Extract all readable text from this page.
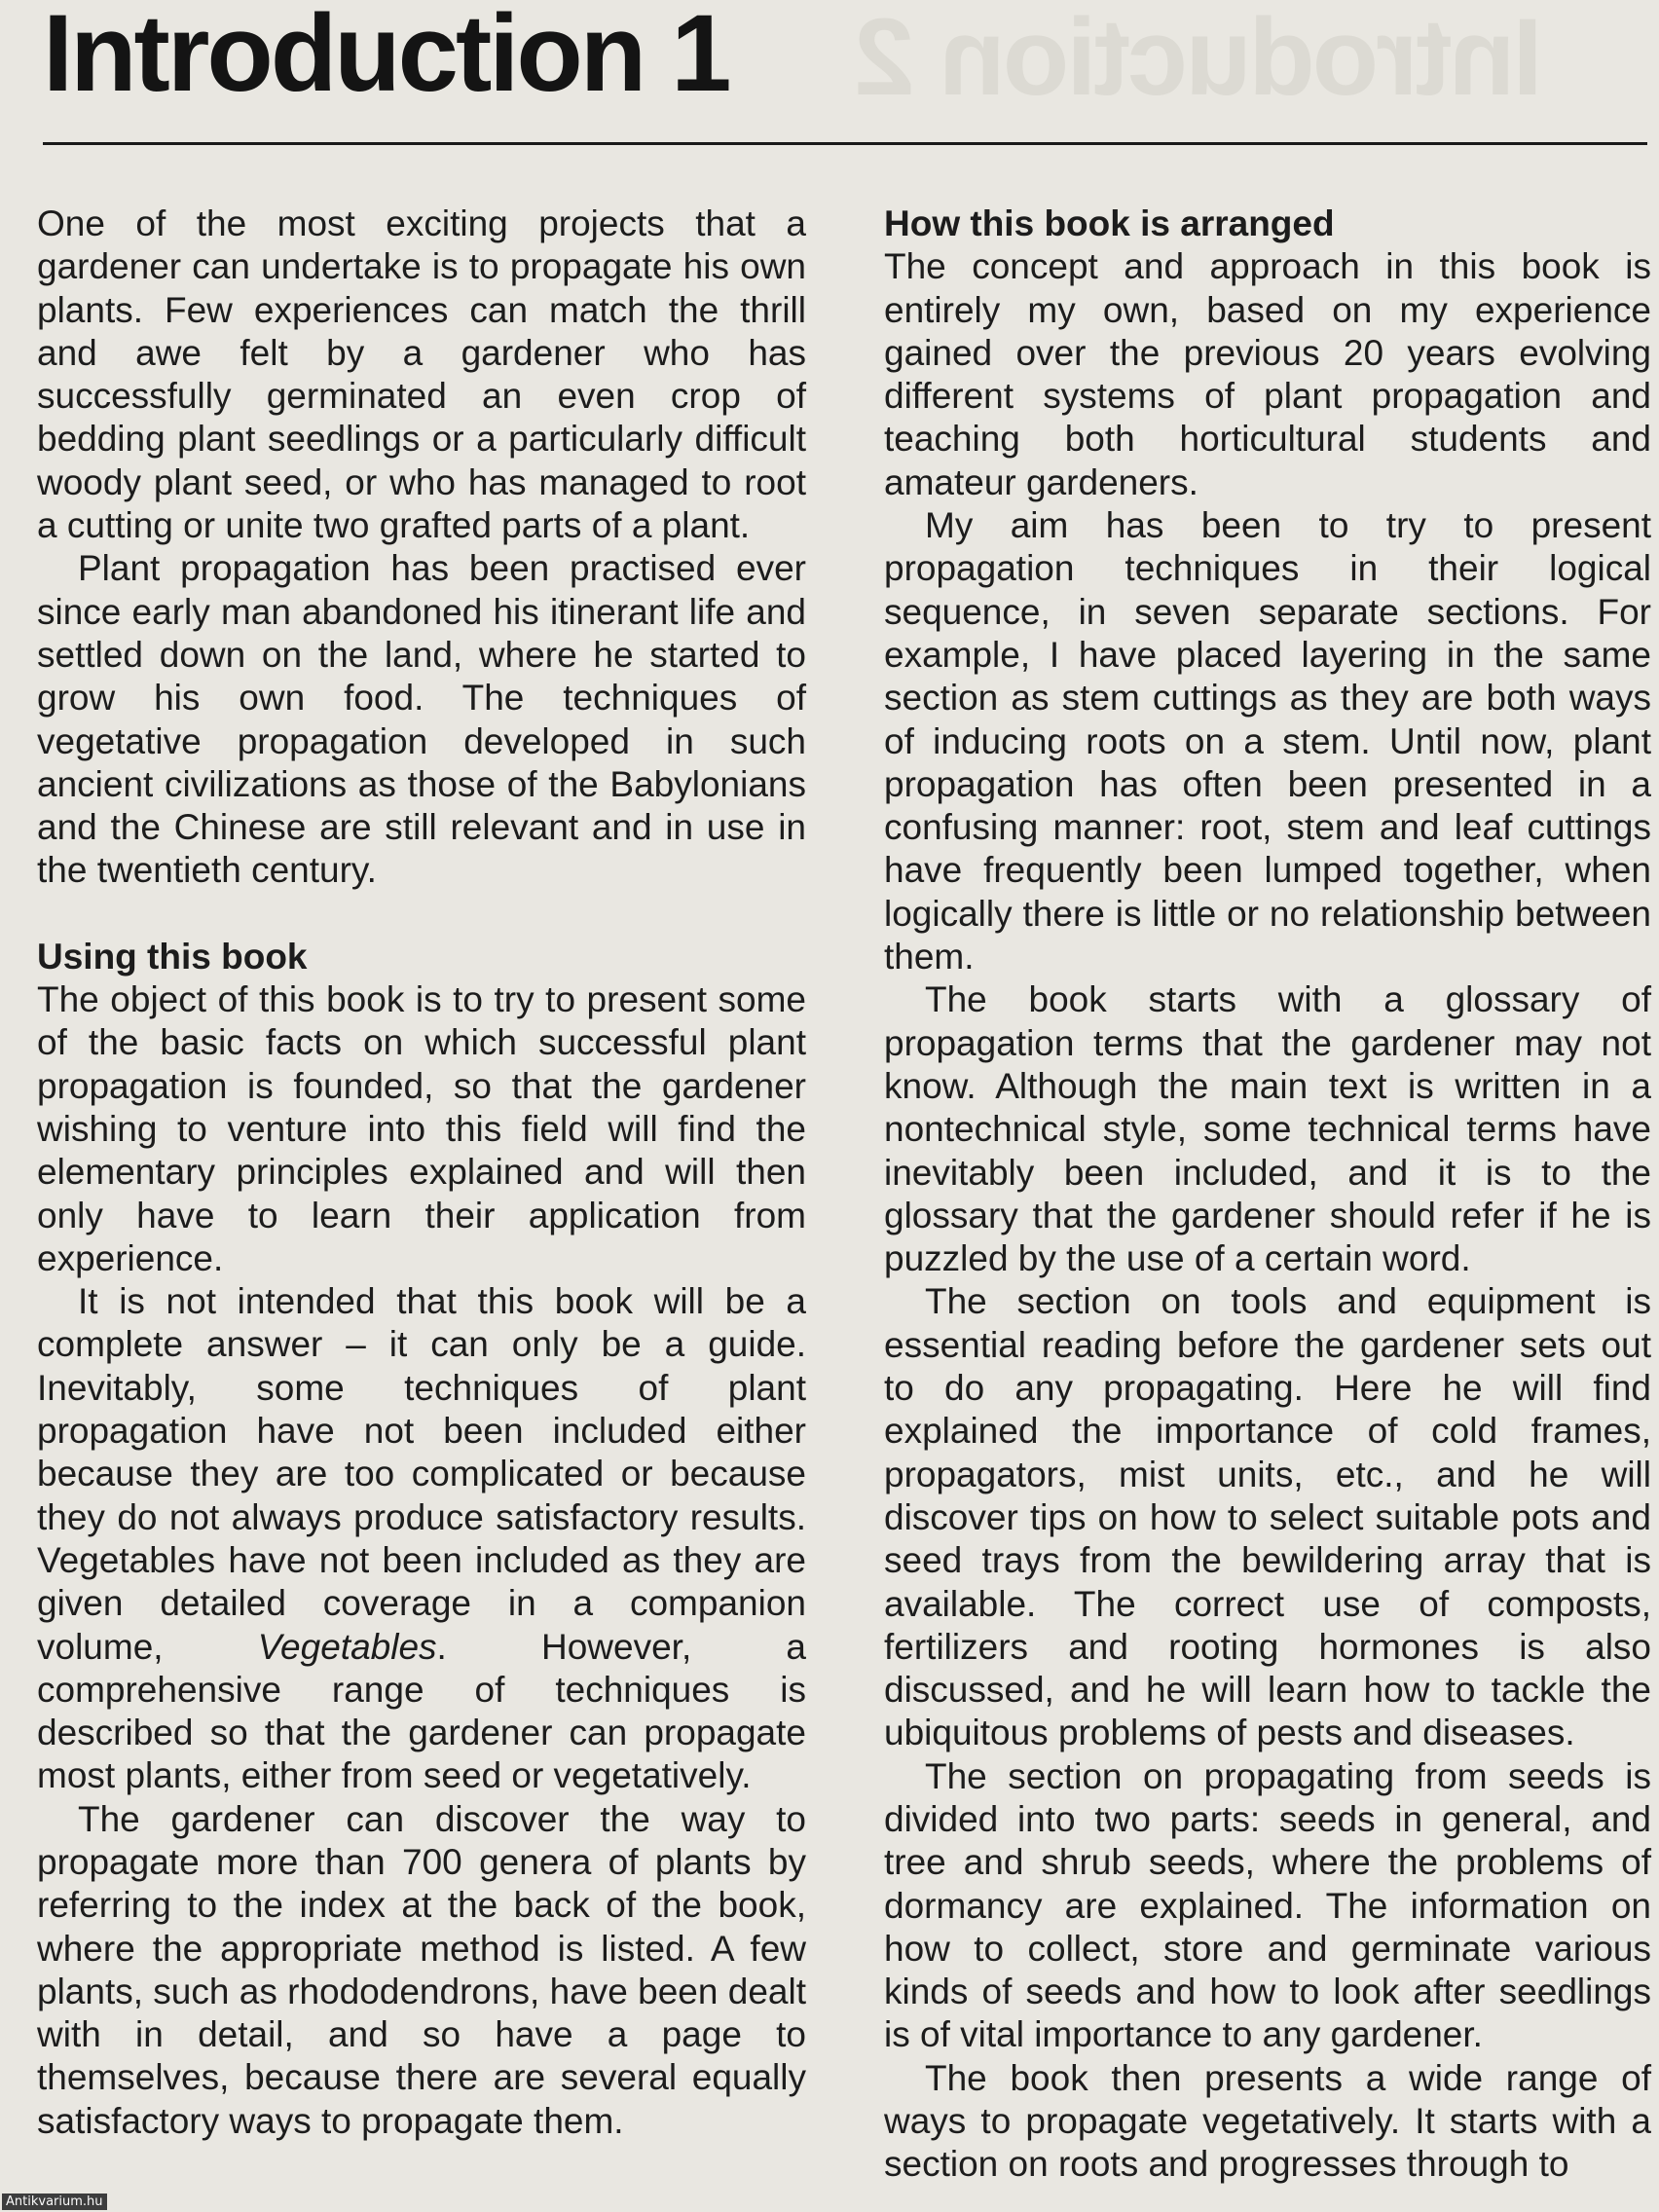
Introduction 2
Introduction 1

One of the most exciting projects that a gardener can undertake is to propagate his own plants. Few experiences can match the thrill and awe felt by a gardener who has successfully germinated an even crop of bedding plant seedlings or a particularly difficult woody plant seed, or who has managed to root a cutting or unite two grafted parts of a plant.

Plant propagation has been practised ever since early man abandoned his itinerant life and settled down on the land, where he started to grow his own food. The techniques of vegetative propagation developed in such ancient civilizations as those of the Babylonians and the Chinese are still relevant and in use in the twentieth century.

Using this book

The object of this book is to try to present some of the basic facts on which successful plant propagation is founded, so that the gardener wishing to venture into this field will find the elementary principles explained and will then only have to learn their application from experience.

It is not intended that this book will be a complete answer – it can only be a guide. Inevitably, some techniques of plant propagation have not been included either because they are too complicated or because they do not always produce satisfactory results. Vegetables have not been included as they are given detailed coverage in a companion volume, Vegetables. However, a comprehensive range of techniques is described so that the gardener can propagate most plants, either from seed or vegetatively.

The gardener can discover the way to propagate more than 700 genera of plants by referring to the index at the back of the book, where the appropriate method is listed. A few plants, such as rhododendrons, have been dealt with in detail, and so have a page to themselves, because there are several equally satisfactory ways to propagate them.

How this book is arranged

The concept and approach in this book is entirely my own, based on my experience gained over the previous 20 years evolving different systems of plant propagation and teaching both horticultural students and amateur gardeners.

My aim has been to try to present propagation techniques in their logical sequence, in seven separate sections. For example, I have placed layering in the same section as stem cuttings as they are both ways of inducing roots on a stem. Until now, plant propagation has often been presented in a confusing manner: root, stem and leaf cuttings have frequently been lumped together, when logically there is little or no relationship between them.

The book starts with a glossary of propagation terms that the gardener may not know. Although the main text is written in a nontechnical style, some technical terms have inevitably been included, and it is to the glossary that the gardener should refer if he is puzzled by the use of a certain word.

The section on tools and equipment is essential reading before the gardener sets out to do any propagating. Here he will find explained the importance of cold frames, propagators, mist units, etc., and he will discover tips on how to select suitable pots and seed trays from the bewildering array that is available. The correct use of composts, fertilizers and rooting hormones is also discussed, and he will learn how to tackle the ubiquitous problems of pests and diseases.

The section on propagating from seeds is divided into two parts: seeds in general, and tree and shrub seeds, where the problems of dormancy are explained. The information on how to collect, store and germinate various kinds of seeds and how to look after seedlings is of vital importance to any gardener.

The book then presents a wide range of ways to propagate vegetatively. It starts with a section on roots and progresses through to

Antikvarium.hu
